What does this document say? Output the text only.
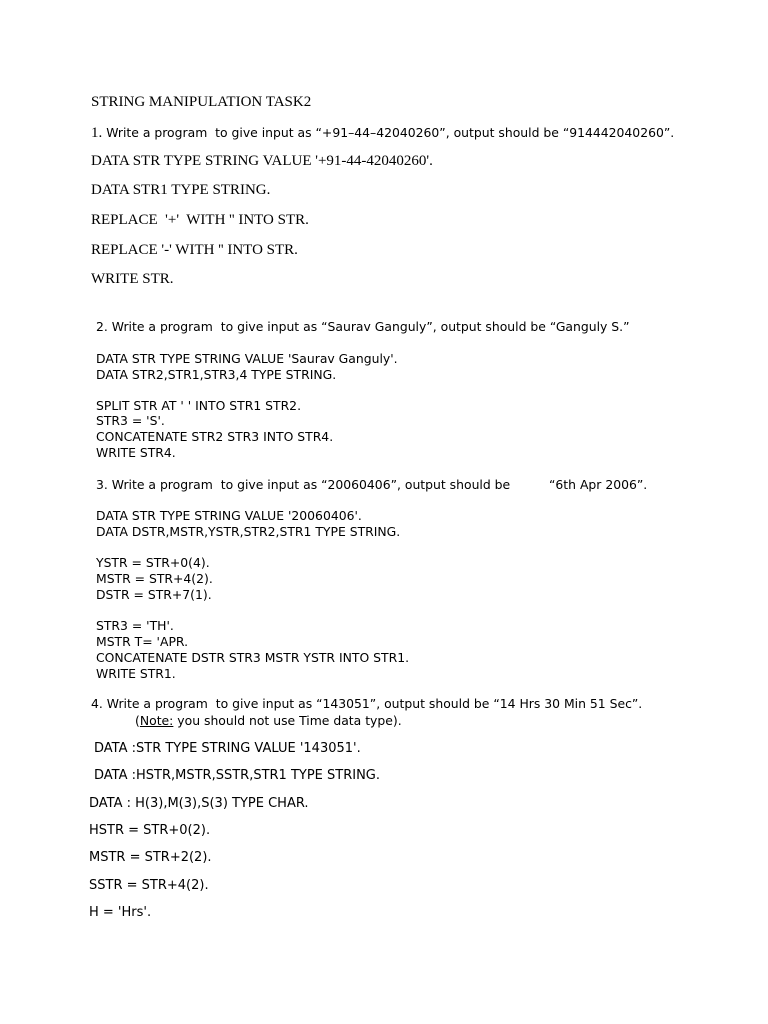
STRING MANIPULATION TASK2
1. Write a program  to give input as “+91–44–42040260”, output should be “914442040260”.
DATA STR TYPE STRING VALUE '+91-44-42040260'.
DATA STR1 TYPE STRING.
REPLACE  '+'  WITH '' INTO STR.
REPLACE '-' WITH '' INTO STR.
WRITE STR.
2. Write a program  to give input as “Saurav Ganguly”, output should be “Ganguly S.”
DATA STR TYPE STRING VALUE 'Saurav Ganguly'.
DATA STR2,STR1,STR3,4 TYPE STRING.
SPLIT STR AT ' ' INTO STR1 STR2.
STR3 = 'S'.
CONCATENATE STR2 STR3 INTO STR4.
WRITE STR4.
3. Write a program  to give input as “20060406”, output should be	“6th Apr 2006”.
DATA STR TYPE STRING VALUE '20060406'.
DATA DSTR,MSTR,YSTR,STR2,STR1 TYPE STRING.
YSTR = STR+0(4).
MSTR = STR+4(2).
DSTR = STR+7(1).
STR3 = 'TH'.
MSTR T= 'APR.
CONCATENATE DSTR STR3 MSTR YSTR INTO STR1.
WRITE STR1.
4. Write a program  to give input as “143051”, output should be “14 Hrs 30 Min 51 Sec”.
(Note: you should not use Time data type).
DATA :STR TYPE STRING VALUE '143051'.
DATA :HSTR,MSTR,SSTR,STR1 TYPE STRING.
DATA : H(3),M(3),S(3) TYPE CHAR.
HSTR = STR+0(2).
MSTR = STR+2(2).
SSTR = STR+4(2).
H = 'Hrs'.
